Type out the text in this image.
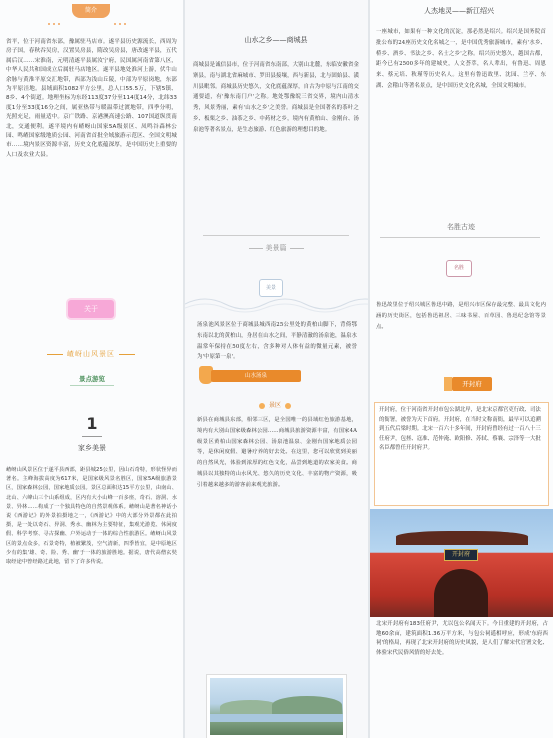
简介
省平，位于河南省东部，豫属驻马店市。遂平县历史源流长，西周为房子国，春秋吞吴房，汉置吴房县，隋改吴房县，唐改遂平县，五代属后汉……宋淮南，元明清遂平县属汝宁府，民国属河南省第八区，中华人民共和国成立后属驻马店地区。遂平县地处淮河上游，伏牛山余脉与黄淮平原交汇地带，西部为浅山丘陵，中部为平原岗地，东部为平原洼地。县域面积1082平方公里，总人口55.5万，下辖5镇、8乡、4个街道。地理坐标为东经113度37分至114度14分，北纬33度1分至33度16分之间，属亚热带与暖温带过渡地带，四季分明，光照充足，雨量适中。京广铁路、京港澳高速公路、107国道纵贯南北，交通便利。遂平境内有嵖岈山国家5A级景区、凤鸣谷森林公园、鸣嵖国家级地质公园、河南省首批全域旅游示范区、全国文明城市……境内景区资源丰富，历史文化底蕴深厚，是中国历史上重要的人口及农业大县。
关于
嵖岈山风景区
景点游览
1
家乡美景
嵖岈山风景区位于遂平县西部，距县城25公里，因山石奇特，形状怪异而著名。主峰海拔高度为617米，是国家级风景名胜区，国家5A级旅游景区，国家森林公园，国家地质公园。景区总面积达15平方公里，由南山、北山、六峰山三个山系组成，区内有大小山峰一百多座，奇石、溶洞、水景、异林……构成了一个独具特色的自然景观体系。嵖岈山是著名神话小说《西游记》的外景拍摄地之一，《西游记》中的大部分外景都在此拍摄，是一处以奇石、异洞、秀水、幽林为主要特征，集观光游览、休闲度假、科学考察、寻古探幽、户外运动于一体的综合性旅游区。嵖岈山风景区的景点众多，石景奇特，植被繁茂，空气清新，四季皆宜，是中原地区少有的集'雄、奇、险、秀、幽'于一体的旅游胜地。据说，唐代高僧玄奘取经途中曾经路过此地，留下了许多传说。
山水之乡——商城县
商城县是诚信县市，位于河南省东南部，大别山北麓，东临安徽省金寨县，南与湖北省麻城市、罗田县接壤，西与新县，北与固始县、潢川县毗邻。商城县历史悠久，文化底蕴深厚，自古为中原与江南的交通要道，有'豫东南门户'之称。地处鄂豫皖三省交界，境内山清水秀，风景秀丽，素有'山水之乡'之美誉。商城县是全国著名的茶叶之乡、板栗之乡、油茶之乡、中药材之乡，境内有黄柏山、金刚台、汤泉池等著名景点，是生态旅游、红色旅游的理想目的地。
美景篇
美景
汤泉池风景区位于商城县城西南25公里处的黄柏山脚下，背倚鄂东南以北的黄柏山，身居在山水之间，平静清澈的汤泉池，温泉水温常年保持在50度左右，含多种对人体有益的微量元素，被誉为'中原第一泉'。
山水汤泉
景区
新县在商城县东部，相邻三区，是全国唯一的县域红色旅游基地，境内有大别山国家级森林公园……商城县旅游资源丰富，有国家4A级景区黄柏山国家森林公园、汤泉池温泉、金刚台国家地质公园等，是休闲度假、避暑疗养的好去处。在这里，您可以欣赏到美丽的自然风光，体验到浓厚的红色文化，品尝到地道的农家美食。商城县以其独特的山水风光、悠久的历史文化、丰富的物产资源，吸引着越来越多的游客前来观光旅游。
人杰地灵——新江绍兴
一座城市，如果有一种文化的沉淀，那必然是绍兴。绍兴是国务院首批公布的24座历史文化名城之一，是中国优秀旅游城市，素有'水乡、桥乡、酒乡、书法之乡、名士之乡'之称。绍兴历史悠久，越国古都，距今已有2500多年的建城史，人文荟萃，名人辈出，有鲁迅、周恩来、蔡元培、秋瑾等历史名人。这里有鲁迅故里、沈园、兰亭、东湖、会稽山等著名景点，是中国历史文化名城，全国文明城市。
名胜古迹
名胜
鲁迅故里位于绍兴城区鲁迅中路，是绍兴市区保存最完整、最具文化内涵的历史街区，包括鲁迅祖居、三味书屋、百草园、鲁迅纪念馆等景点。
开封府
开封府，位于河南省开封市包公湖北岸，是北宋京都官吏行政、司法的衙署，被誉为天下首府。开封府，在当时文称南衙，最早可以追溯到五代后梁时期。北宋一百六十多年间，开封府曾经有过一百八十三任府尹，包拯、寇准、范仲淹、欧阳修、苏轼、蔡襄、宗泽等一大批名臣都曾任开封府尹。
开封府
北宋开封府有183任府尹，尤以包公名闻天下。今日重建的开封府，占地60余亩，建筑面积1.36万平方米，与包公祠遥相呼应，形成'东府西祠'的格局，再现了北宋开封府的历史风貌，是人们了解宋代官署文化、体验宋代民俗风情的好去处。
